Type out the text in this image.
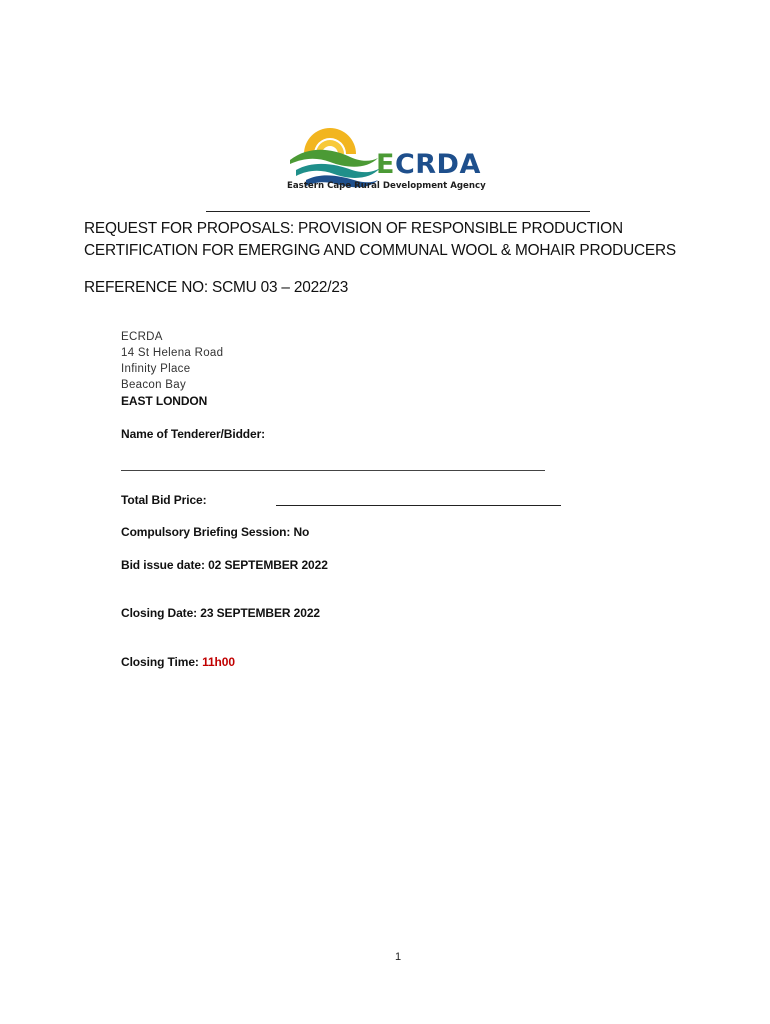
ECRDA
Eastern Cape Rural Development Agency
REQUEST FOR PROPOSALS: PROVISION OF RESPONSIBLE PRODUCTION
CERTIFICATION FOR EMERGING AND COMMUNAL WOOL & MOHAIR PRODUCERS
REFERENCE NO: SCMU 03 – 2022/23
ECRDA
14 St Helena Road
Infinity Place
Beacon Bay
EAST LONDON
Name of Tenderer/Bidder:
Total Bid Price:
Compulsory Briefing Session: No
Bid issue date: 02 SEPTEMBER 2022
Closing Date: 23 SEPTEMBER 2022
Closing Time: 11h00
1
